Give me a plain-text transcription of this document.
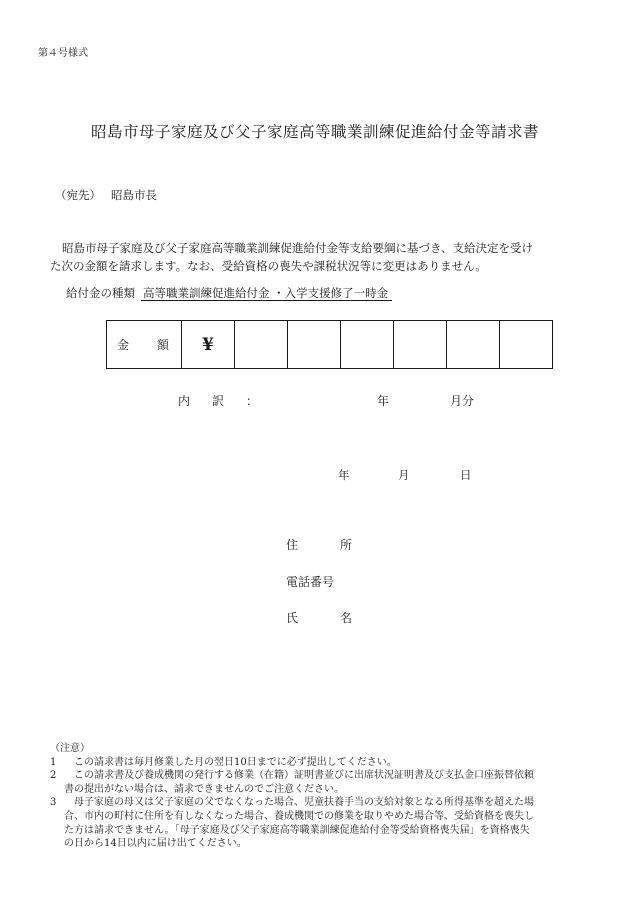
第４号様式
昭島市母子家庭及び父子家庭高等職業訓練促進給付金等請求書
（宛先） 昭島市長
昭島市母子家庭及び父子家庭高等職業訓練促進給付金等支給要綱に基づき、支給決定を受け
た次の金額を請求します。なお、受給資格の喪失や課税状況等に変更はありません。
給付金の種類 高等職業訓練促進給付金 ・入学支援修了一時金
金　額	¥						
内　訳　：	年	月分
年	月	日
住　所
電話番号
氏　名
（注意）
1 　この請求書は毎月修業した月の翌日10日までに必ず提出してください。
2 　この請求書及び養成機関の発行する修業（在籍）証明書並びに出席状況証明書及び支払金口座振替依頼
書の提出がない場合は、請求できませんのでご注意ください。
3 　母子家庭の母又は父子家庭の父でなくなった場合、児童扶養手当の支給対象となる所得基準を超えた場
合、市内の町村に住所を有しなくなった場合、養成機関での修業を取りやめた場合等、受給資格を喪失し
た方は請求できません。「母子家庭及び父子家庭高等職業訓練促進給付金等受給資格喪失届」を資格喪失
の日から14日以内に届け出てください。
